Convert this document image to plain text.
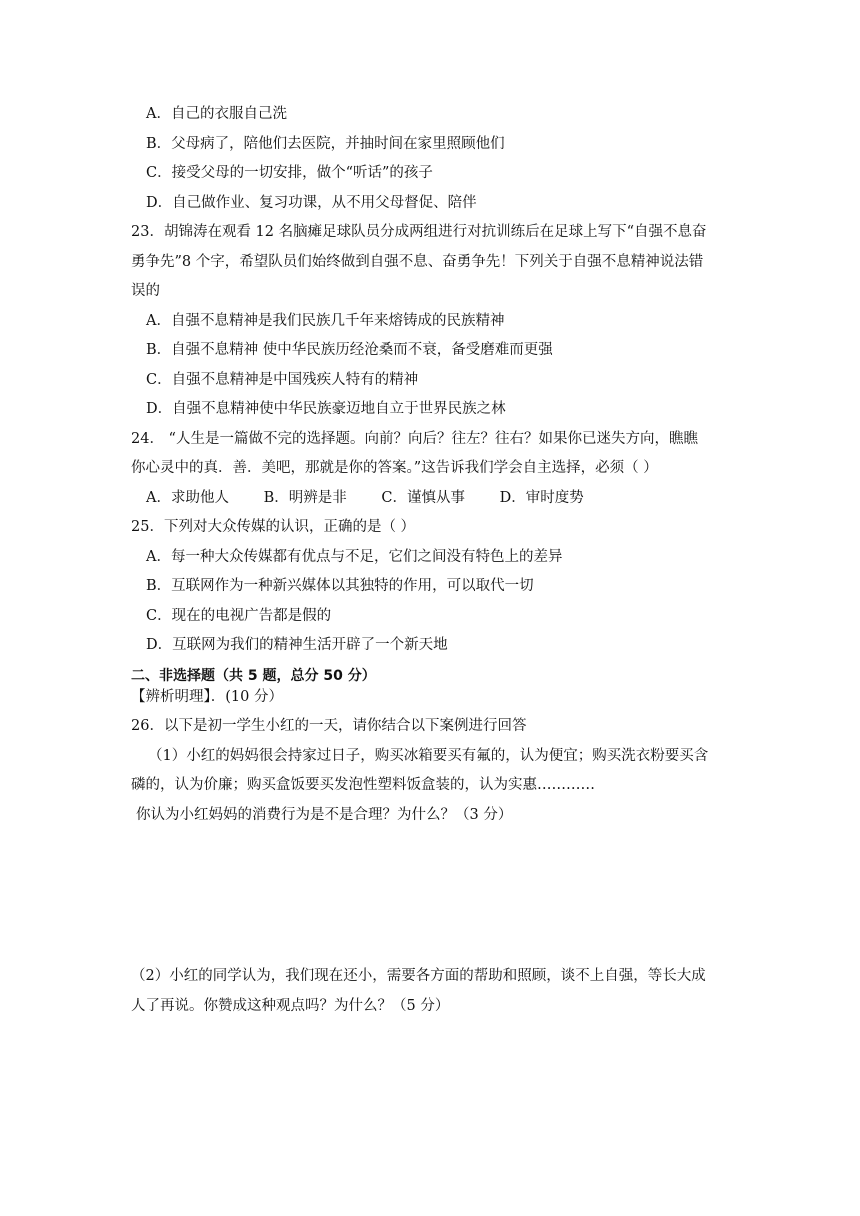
A．自己的衣服自己洗
B．父母病了，陪他们去医院，并抽时间在家里照顾他们
C．接受父母的一切安排，做个“听话”的孩子
D．自己做作业、复习功课，从不用父母督促、陪伴
23．胡锦涛在观看 12 名脑瘫足球队员分成两组进行对抗训练后在足球上写下“自强不息奋
勇争先”8 个字，希望队员们始终做到自强不息、奋勇争先！下列关于自强不息精神说法错
误的
A．自强不息精神是我们民族几千年来熔铸成的民族精神
B．自强不息精神 使中华民族历经沧桑而不衰，备受磨难而更强
C．自强不息精神是中国残疾人特有的精神
D．自强不息精神使中华民族豪迈地自立于世界民族之林
24． “人生是一篇做不完的选择题。向前？向后？往左？往右？如果你已迷失方向，瞧瞧
你心灵中的真．善．美吧，那就是你的答案。”这告诉我们学会自主选择，必须（ ）
A．求助他人 B．明辨是非 C．谨慎从事 D．审时度势
25．下列对大众传媒的认识，正确的是（ ）
A．每一种大众传媒都有优点与不足，它们之间没有特色上的差异
B．互联网作为一种新兴媒体以其独特的作用，可以取代一切
C．现在的电视广告都是假的
D．互联网为我们的精神生活开辟了一个新天地
二、非选择题（共 5 题，总分 50 分）
【辨析明理】．(10 分）
26．以下是初一学生小红的一天，请你结合以下案例进行回答
（1）小红的妈妈很会持家过日子，购买冰箱要买有氟的，认为便宜；购买洗衣粉要买含
磷的，认为价廉；购买盒饭要买发泡性塑料饭盒装的，认为实惠…………
你认为小红妈妈的消费行为是不是合理？为什么？（3 分）
（2）小红的同学认为，我们现在还小，需要各方面的帮助和照顾，谈不上自强，等长大成
人了再说。你赞成这种观点吗？为什么？（5 分）
